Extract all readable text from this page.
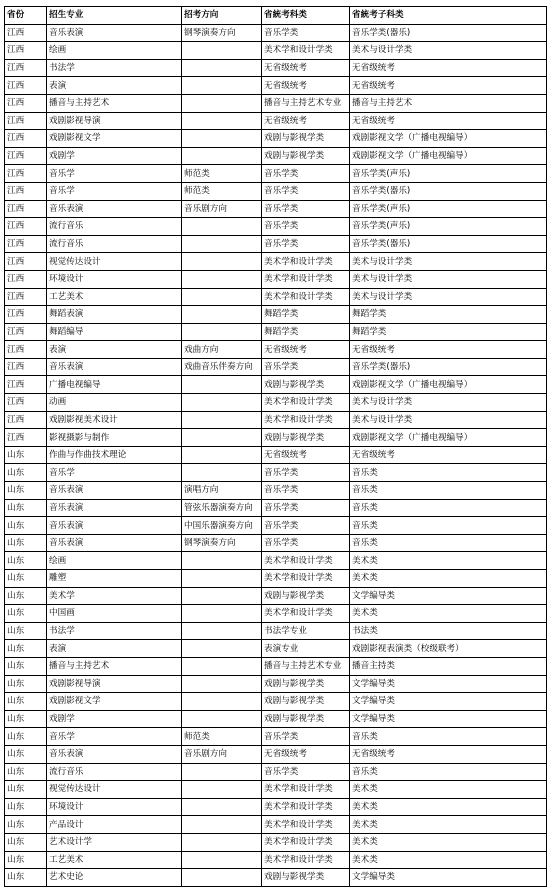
省份	招生专业	招考方向	省統考科类	省統考子科类
江西	音乐表演	钢琴演奏方向	音乐学类	音乐学类(器乐)
江西	绘画		美术学和设计学类	美术与设计学类
江西	书法学		无省级统考	无省级统考
江西	表演		无省级统考	无省级统考
江西	播音与主持艺术		播音与主持艺术专业	播音与主持艺术
江西	戏剧影视导演		无省级统考	无省级统考
江西	戏剧影视文学		戏剧与影视学类	戏剧影视文学（广播电视编导）
江西	戏剧学		戏剧与影视学类	戏剧影视文学（广播电视编导）
江西	音乐学	师范类	音乐学类	音乐学类(声乐)
江西	音乐学	师范类	音乐学类	音乐学类(器乐)
江西	音乐表演	音乐剧方向	音乐学类	音乐学类(声乐)
江西	流行音乐		音乐学类	音乐学类(声乐)
江西	流行音乐		音乐学类	音乐学类(器乐)
江西	视觉传达设计		美术学和设计学类	美术与设计学类
江西	环境设计		美术学和设计学类	美术与设计学类
江西	工艺美术		美术学和设计学类	美术与设计学类
江西	舞蹈表演		舞蹈学类	舞蹈学类
江西	舞蹈编导		舞蹈学类	舞蹈学类
江西	表演	戏曲方向	无省级统考	无省级统考
江西	音乐表演	戏曲音乐伴奏方向	音乐学类	音乐学类(器乐)
江西	广播电视编导		戏剧与影视学类	戏剧影视文学（广播电视编导）
江西	动画		美术学和设计学类	美术与设计学类
江西	戏剧影视美术设计		美术学和设计学类	美术与设计学类
江西	影视摄影与制作		戏剧与影视学类	戏剧影视文学（广播电视编导）
山东	作曲与作曲技术理论		无省级统考	无省级统考
山东	音乐学		音乐学类	音乐类
山东	音乐表演	演唱方向	音乐学类	音乐类
山东	音乐表演	管弦乐器演奏方向	音乐学类	音乐类
山东	音乐表演	中国乐器演奏方向	音乐学类	音乐类
山东	音乐表演	钢琴演奏方向	音乐学类	音乐类
山东	绘画		美术学和设计学类	美术类
山东	雕塑		美术学和设计学类	美术类
山东	美术学		戏剧与影视学类	文学编导类
山东	中国画		美术学和设计学类	美术类
山东	书法学		书法学专业	书法类
山东	表演		表演专业	戏剧影视表演类（校级联考）
山东	播音与主持艺术		播音与主持艺术专业	播音主持类
山东	戏剧影视导演		戏剧与影视学类	文学编导类
山东	戏剧影视文学		戏剧与影视学类	文学编导类
山东	戏剧学		戏剧与影视学类	文学编导类
山东	音乐学	师范类	音乐学类	音乐类
山东	音乐表演	音乐剧方向	无省级统考	无省级统考
山东	流行音乐		音乐学类	音乐类
山东	视觉传达设计		美术学和设计学类	美术类
山东	环境设计		美术学和设计学类	美术类
山东	产品设计		美术学和设计学类	美术类
山东	艺术设计学		美术学和设计学类	美术类
山东	工艺美术		美术学和设计学类	美术类
山东	艺术史论		戏剧与影视学类	文学编导类
